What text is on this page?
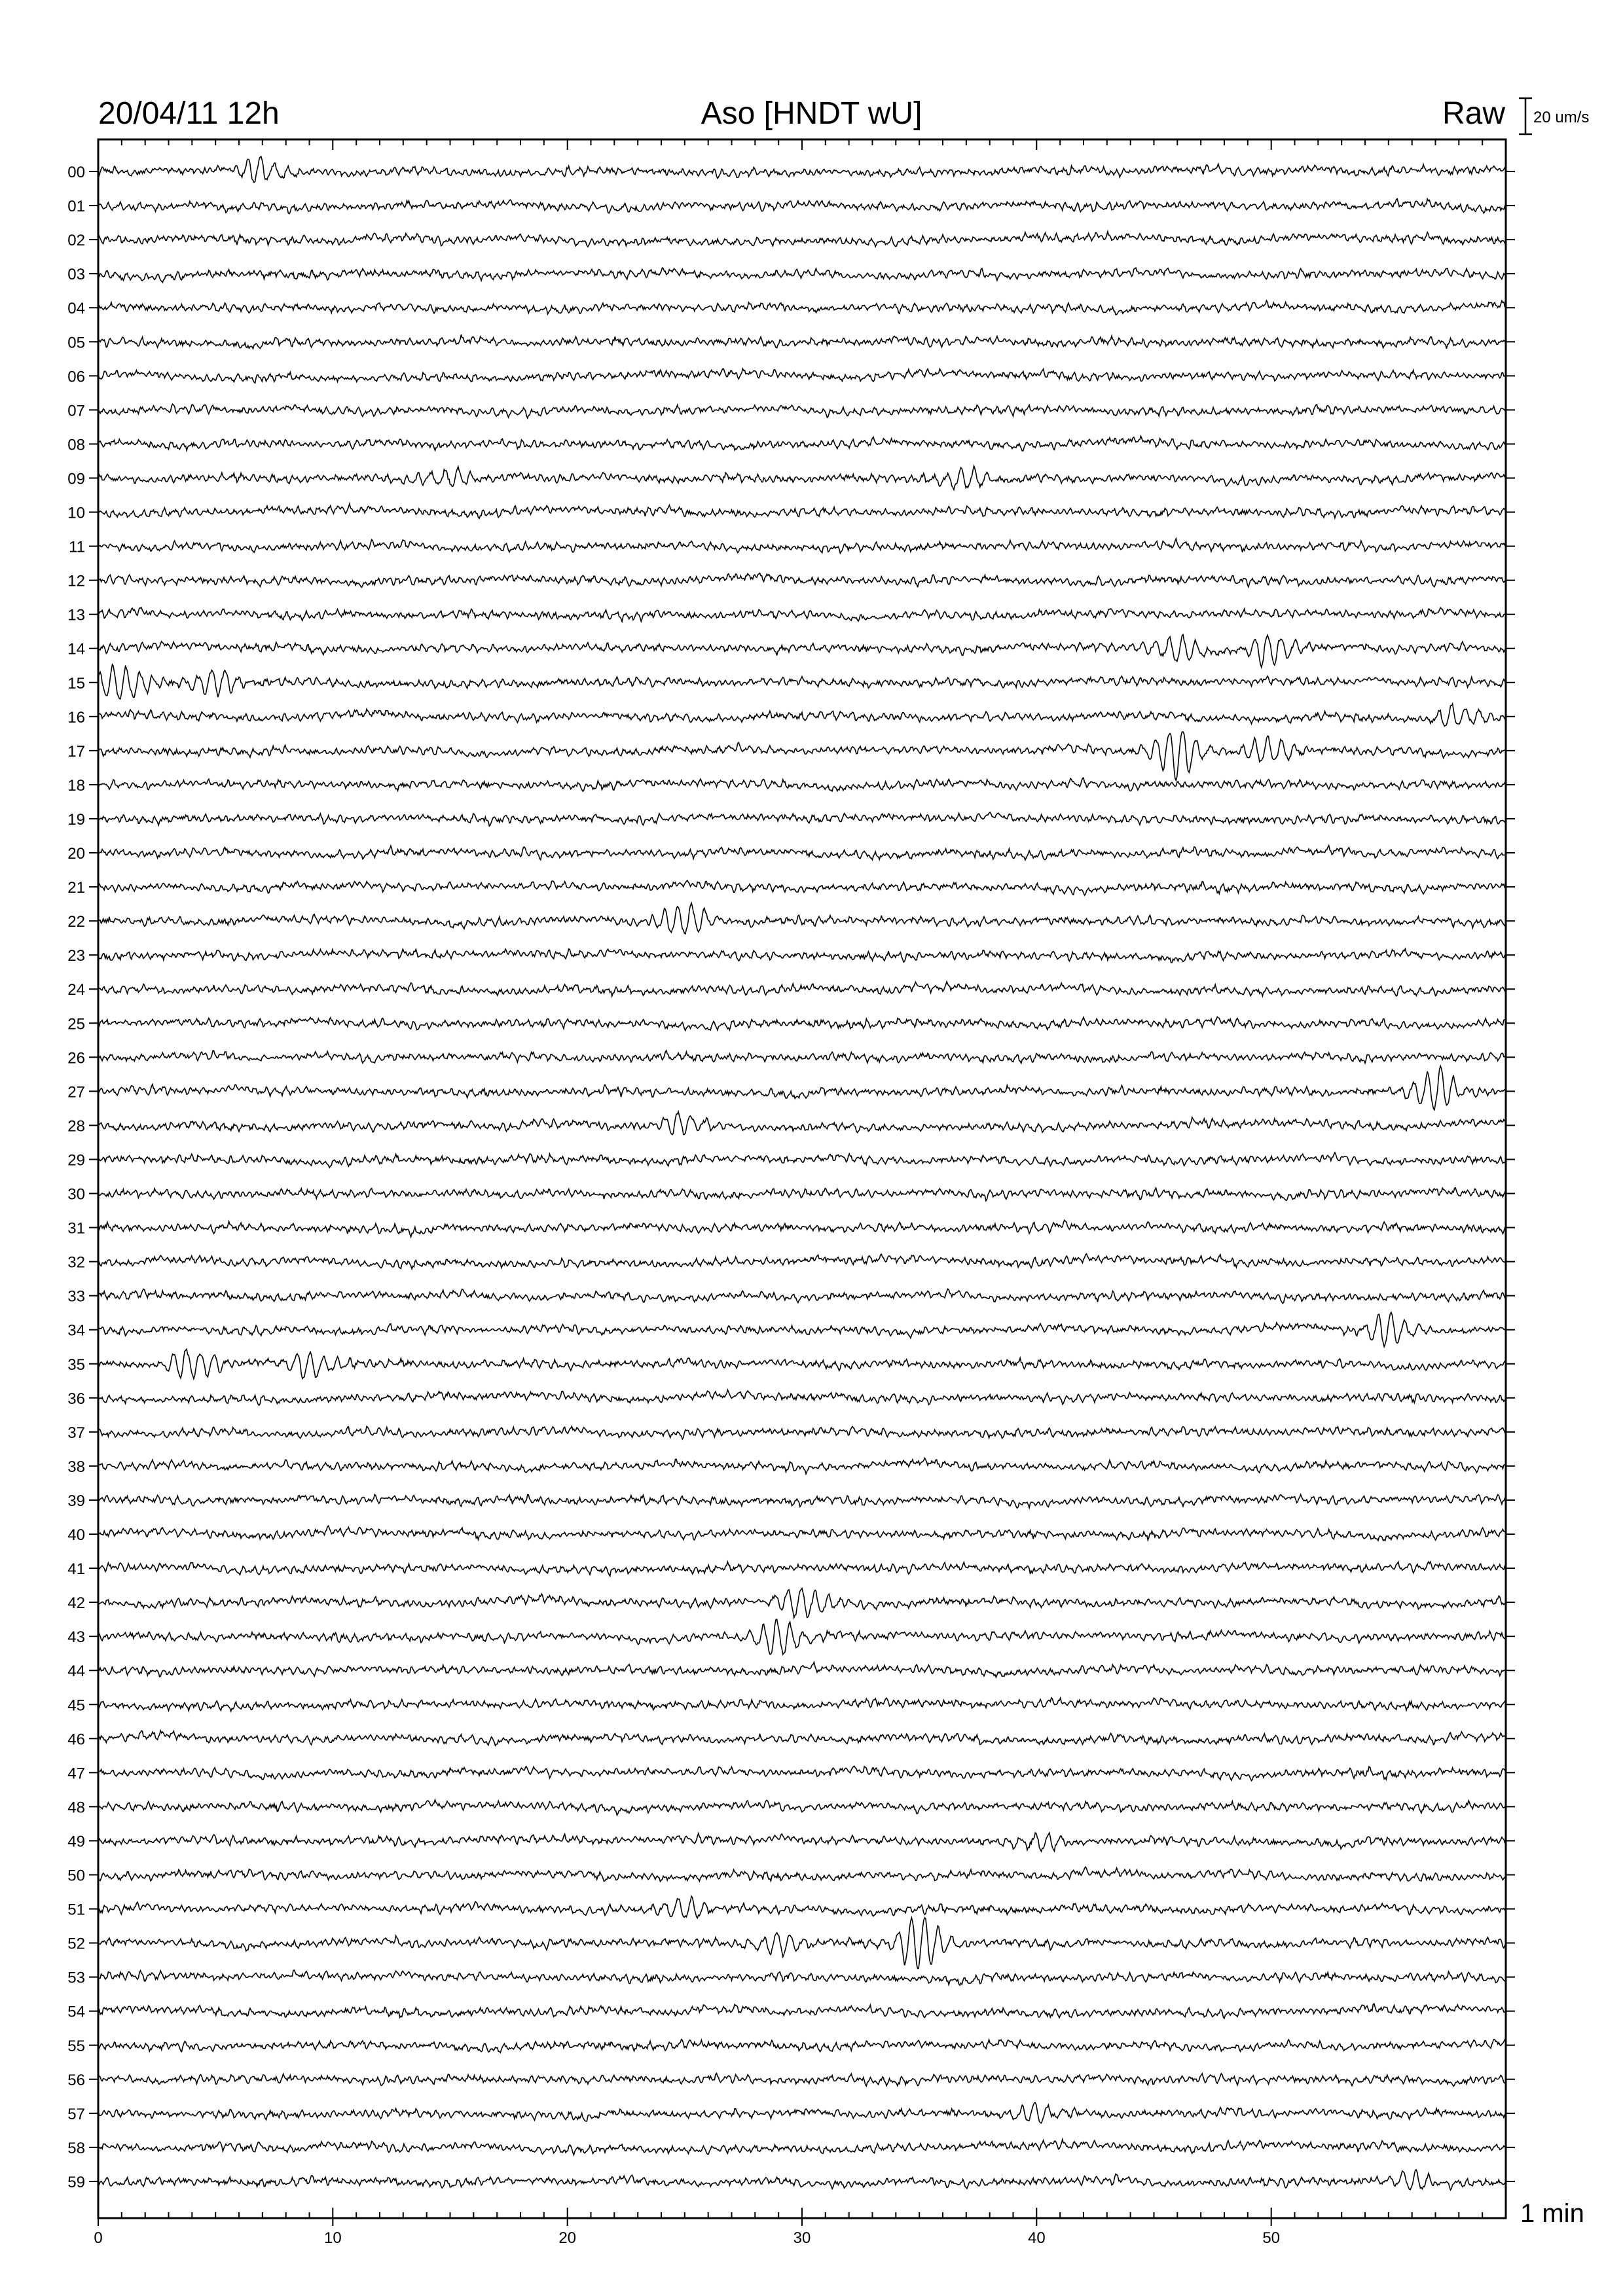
20/04/11 12h	Aso [HNDT wU]	Raw 20 um/s
1 min
00
01
02
03
04
05
06
07
08
09
10
11
12
13
14
15
16
17
18
19
20
21
22
23
24
25
26
27
28
29
30
31
32
33
34
35
36
37
38
39
40
41
42
43
44
45
46
47
48
49
50
51
52
53
54
55
56
57
58
59
0	10	20	30	40	50
